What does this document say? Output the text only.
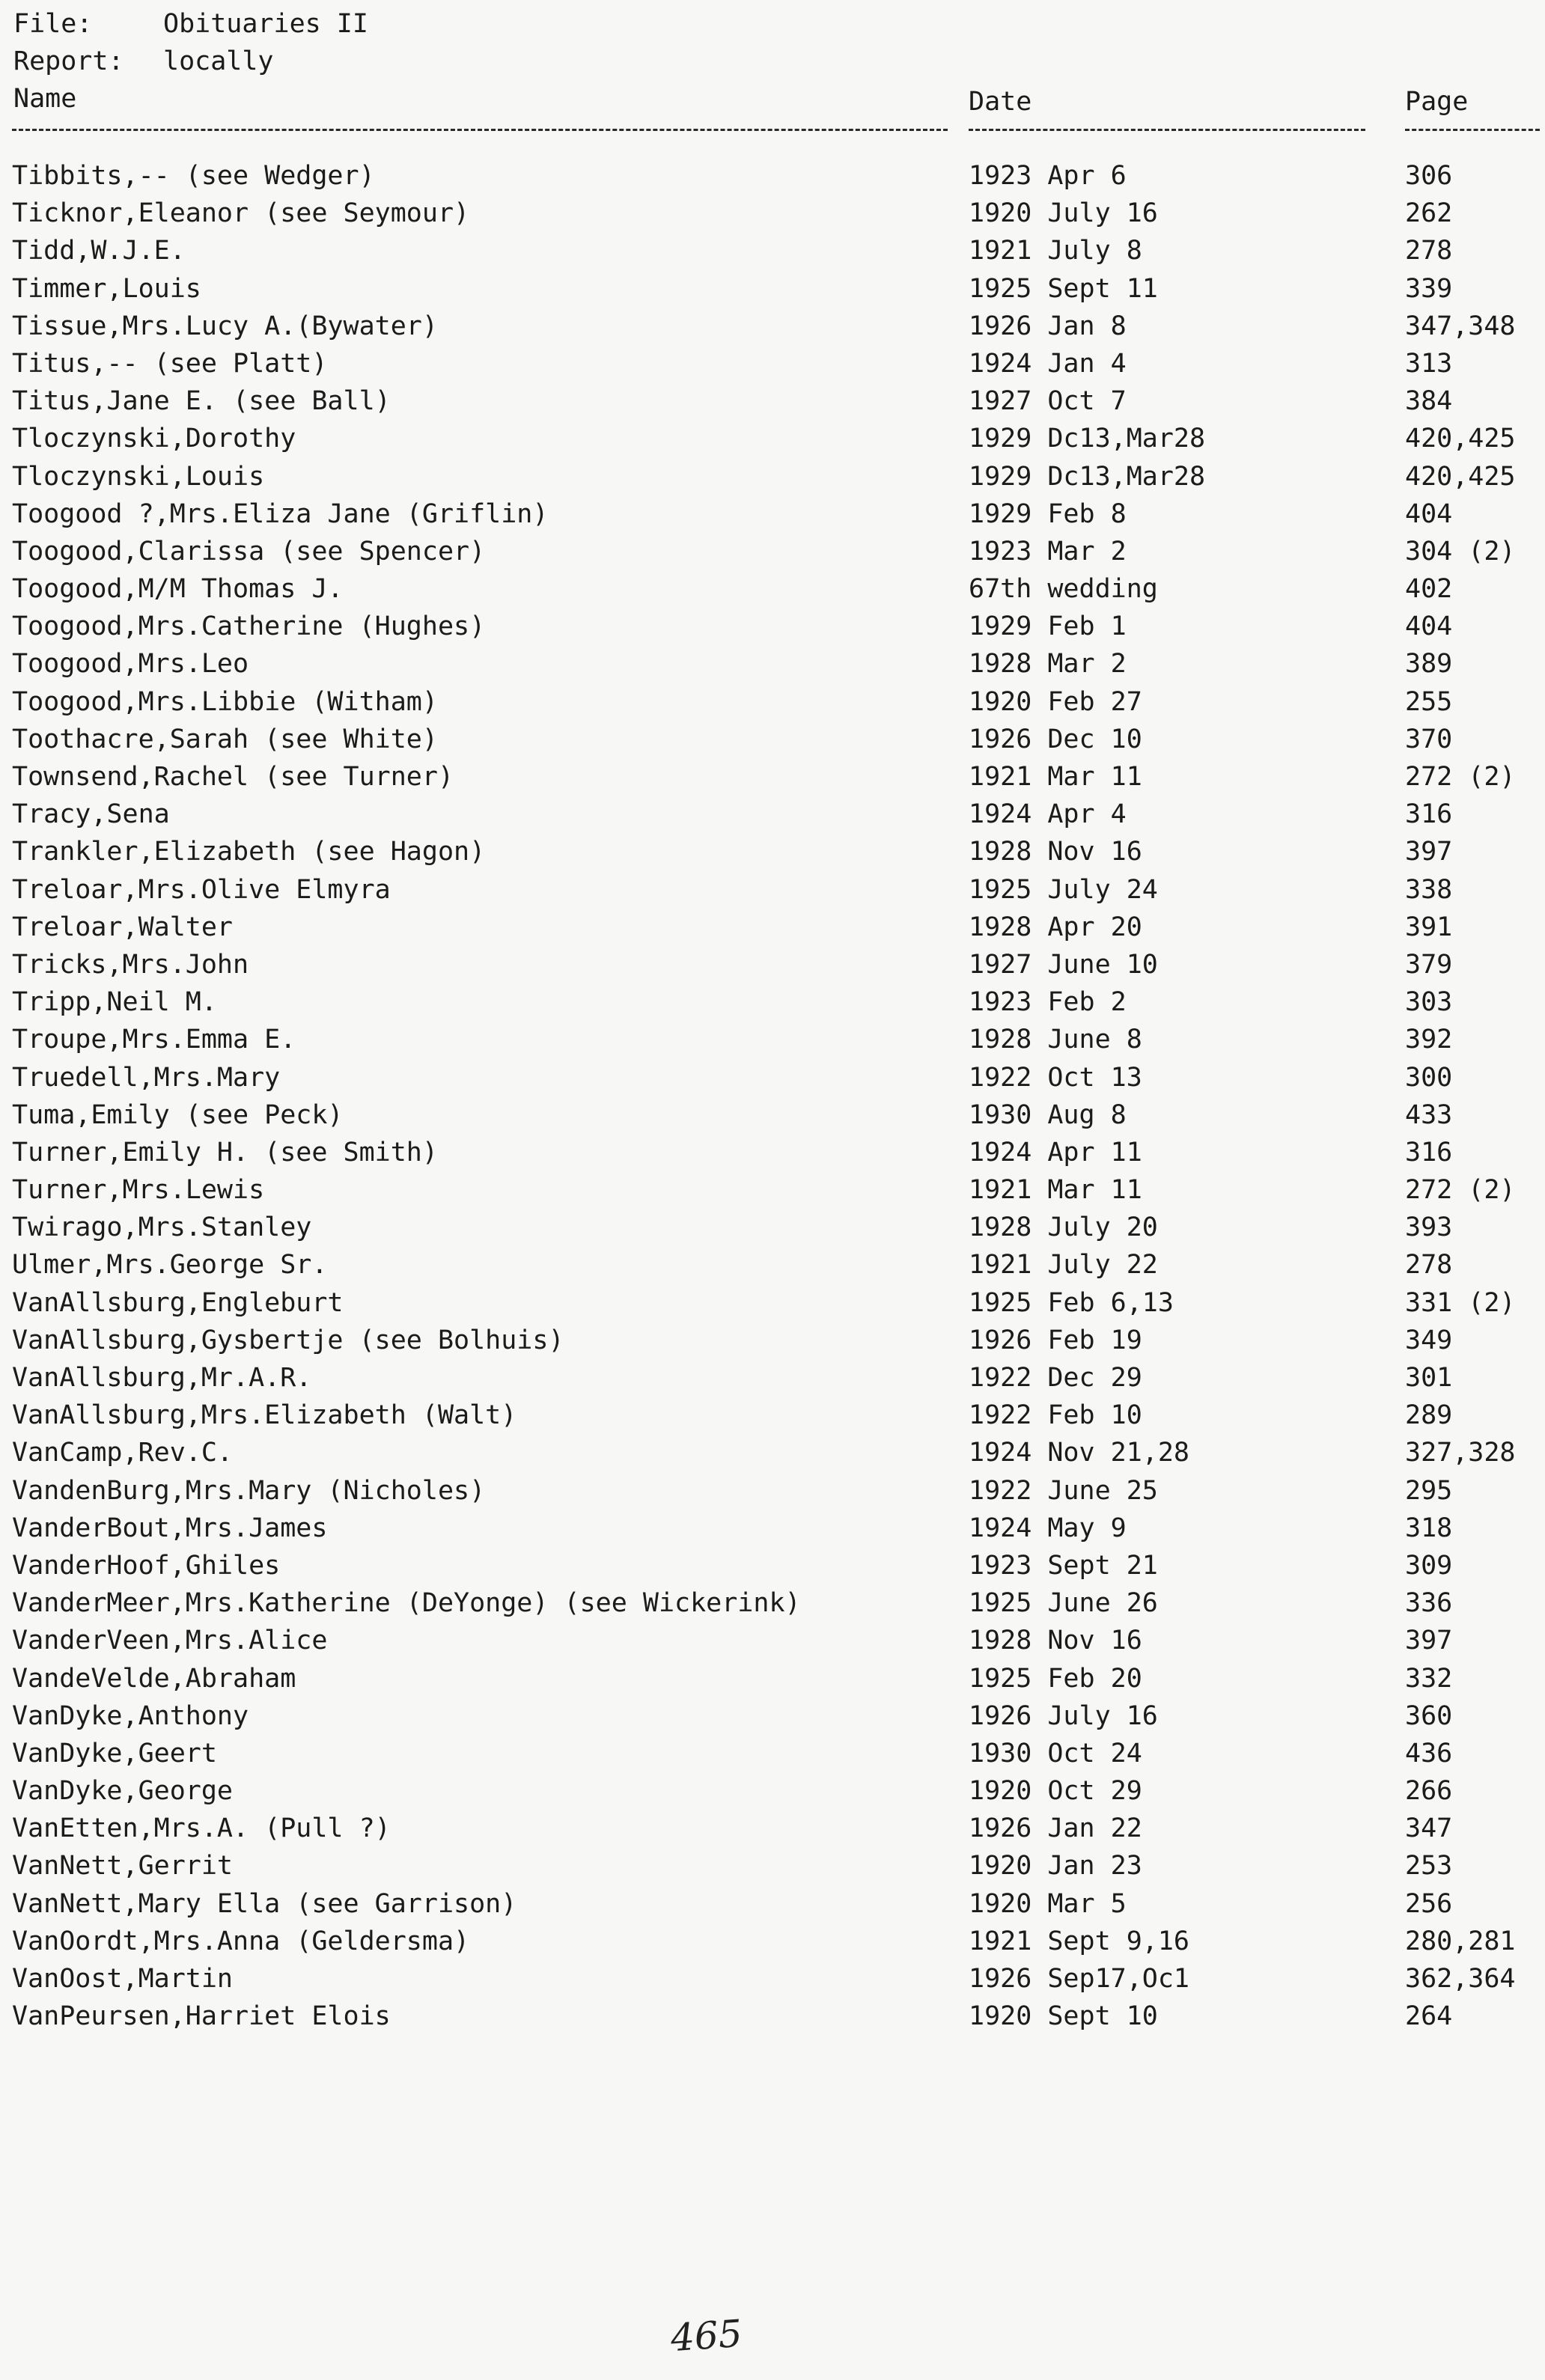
File:	Obituaries II
Report: locally
Name	Date	Page
Tibbits,-- (see Wedger)	1923 Apr 6	306
Ticknor,Eleanor (see Seymour)	1920 July 16	262
Tidd,W.J.E.	1921 July 8	278
Timmer,Louis	1925 Sept 11	339
Tissue,Mrs.Lucy A.(Bywater)	1926 Jan 8	347,348
Titus,-- (see Platt)	1924 Jan 4	313
Titus,Jane E. (see Ball)	1927 Oct 7	384
Tloczynski,Dorothy	1929 Dc13,Mar28	420,425
Tloczynski,Louis	1929 Dc13,Mar28	420,425
Toogood ?,Mrs.Eliza Jane (Griflin)	1929 Feb 8	404
Toogood,Clarissa (see Spencer)	1923 Mar 2	304 (2)
Toogood,M/M Thomas J.	67th wedding	402
Toogood,Mrs.Catherine (Hughes)	1929 Feb 1	404
Toogood,Mrs.Leo	1928 Mar 2	389
Toogood,Mrs.Libbie (Witham)	1920 Feb 27	255
Toothacre,Sarah (see White)	1926 Dec 10	370
Townsend,Rachel (see Turner)	1921 Mar 11	272 (2)
Tracy,Sena	1924 Apr 4	316
Trankler,Elizabeth (see Hagon)	1928 Nov 16	397
Treloar,Mrs.Olive Elmyra	1925 July 24	338
Treloar,Walter	1928 Apr 20	391
Tricks,Mrs.John	1927 June 10	379
Tripp,Neil M.	1923 Feb 2	303
Troupe,Mrs.Emma E.	1928 June 8	392
Truedell,Mrs.Mary	1922 Oct 13	300
Tuma,Emily (see Peck)	1930 Aug 8	433
Turner,Emily H. (see Smith)	1924 Apr 11	316
Turner,Mrs.Lewis	1921 Mar 11	272 (2)
Twirago,Mrs.Stanley	1928 July 20	393
Ulmer,Mrs.George Sr.	1921 July 22	278
VanAllsburg,Engleburt	1925 Feb 6,13	331 (2)
VanAllsburg,Gysbertje (see Bolhuis)	1926 Feb 19	349
VanAllsburg,Mr.A.R.	1922 Dec 29	301
VanAllsburg,Mrs.Elizabeth (Walt)	1922 Feb 10	289
VanCamp,Rev.C.	1924 Nov 21,28	327,328
VandenBurg,Mrs.Mary (Nicholes)	1922 June 25	295
VanderBout,Mrs.James	1924 May 9	318
VanderHoof,Ghiles	1923 Sept 21	309
VanderMeer,Mrs.Katherine (DeYonge) (see Wickerink)	1925 June 26	336
VanderVeen,Mrs.Alice	1928 Nov 16	397
VandeVelde,Abraham	1925 Feb 20	332
VanDyke,Anthony	1926 July 16	360
VanDyke,Geert	1930 Oct 24	436
VanDyke,George	1920 Oct 29	266
VanEtten,Mrs.A. (Pull ?)	1926 Jan 22	347
VanNett,Gerrit	1920 Jan 23	253
VanNett,Mary Ella (see Garrison)	1920 Mar 5	256
VanOordt,Mrs.Anna (Geldersma)	1921 Sept 9,16	280,281
VanOost,Martin	1926 Sep17,Oc1	362,364
VanPeursen,Harriet Elois	1920 Sept 10	264
465
